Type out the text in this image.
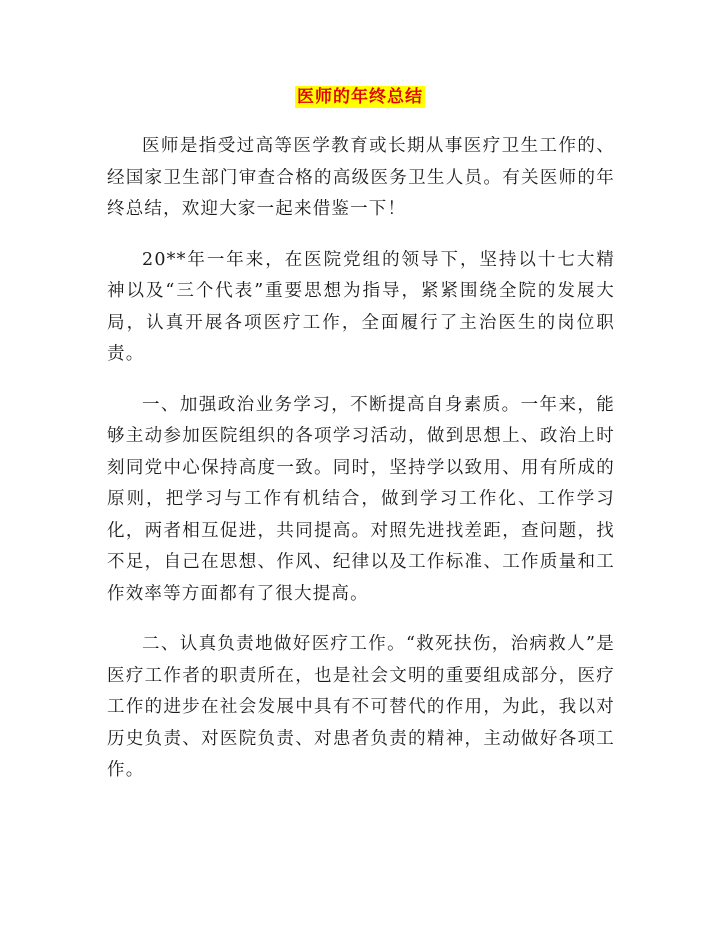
医师的年终总结

医师是指受过高等医学教育或长期从事医疗卫生工作的、经国家卫生部门审查合格的高级医务卫生人员。有关医师的年终总结，欢迎大家一起来借鉴一下！

20**年一年来，在医院党组的领导下，坚持以十七大精神以及“三个代表”重要思想为指导，紧紧围绕全院的发展大局，认真开展各项医疗工作，全面履行了主治医生的岗位职责。

一、加强政治业务学习，不断提高自身素质。一年来，能够主动参加医院组织的各项学习活动，做到思想上、政治上时刻同党中心保持高度一致。同时，坚持学以致用、用有所成的原则，把学习与工作有机结合，做到学习工作化、工作学习化，两者相互促进，共同提高。对照先进找差距，查问题，找不足，自己在思想、作风、纪律以及工作标准、工作质量和工作效率等方面都有了很大提高。

二、认真负责地做好医疗工作。“救死扶伤，治病救人”是医疗工作者的职责所在，也是社会文明的重要组成部分，医疗工作的进步在社会发展中具有不可替代的作用，为此，我以对历史负责、对医院负责、对患者负责的精神，主动做好各项工作。
